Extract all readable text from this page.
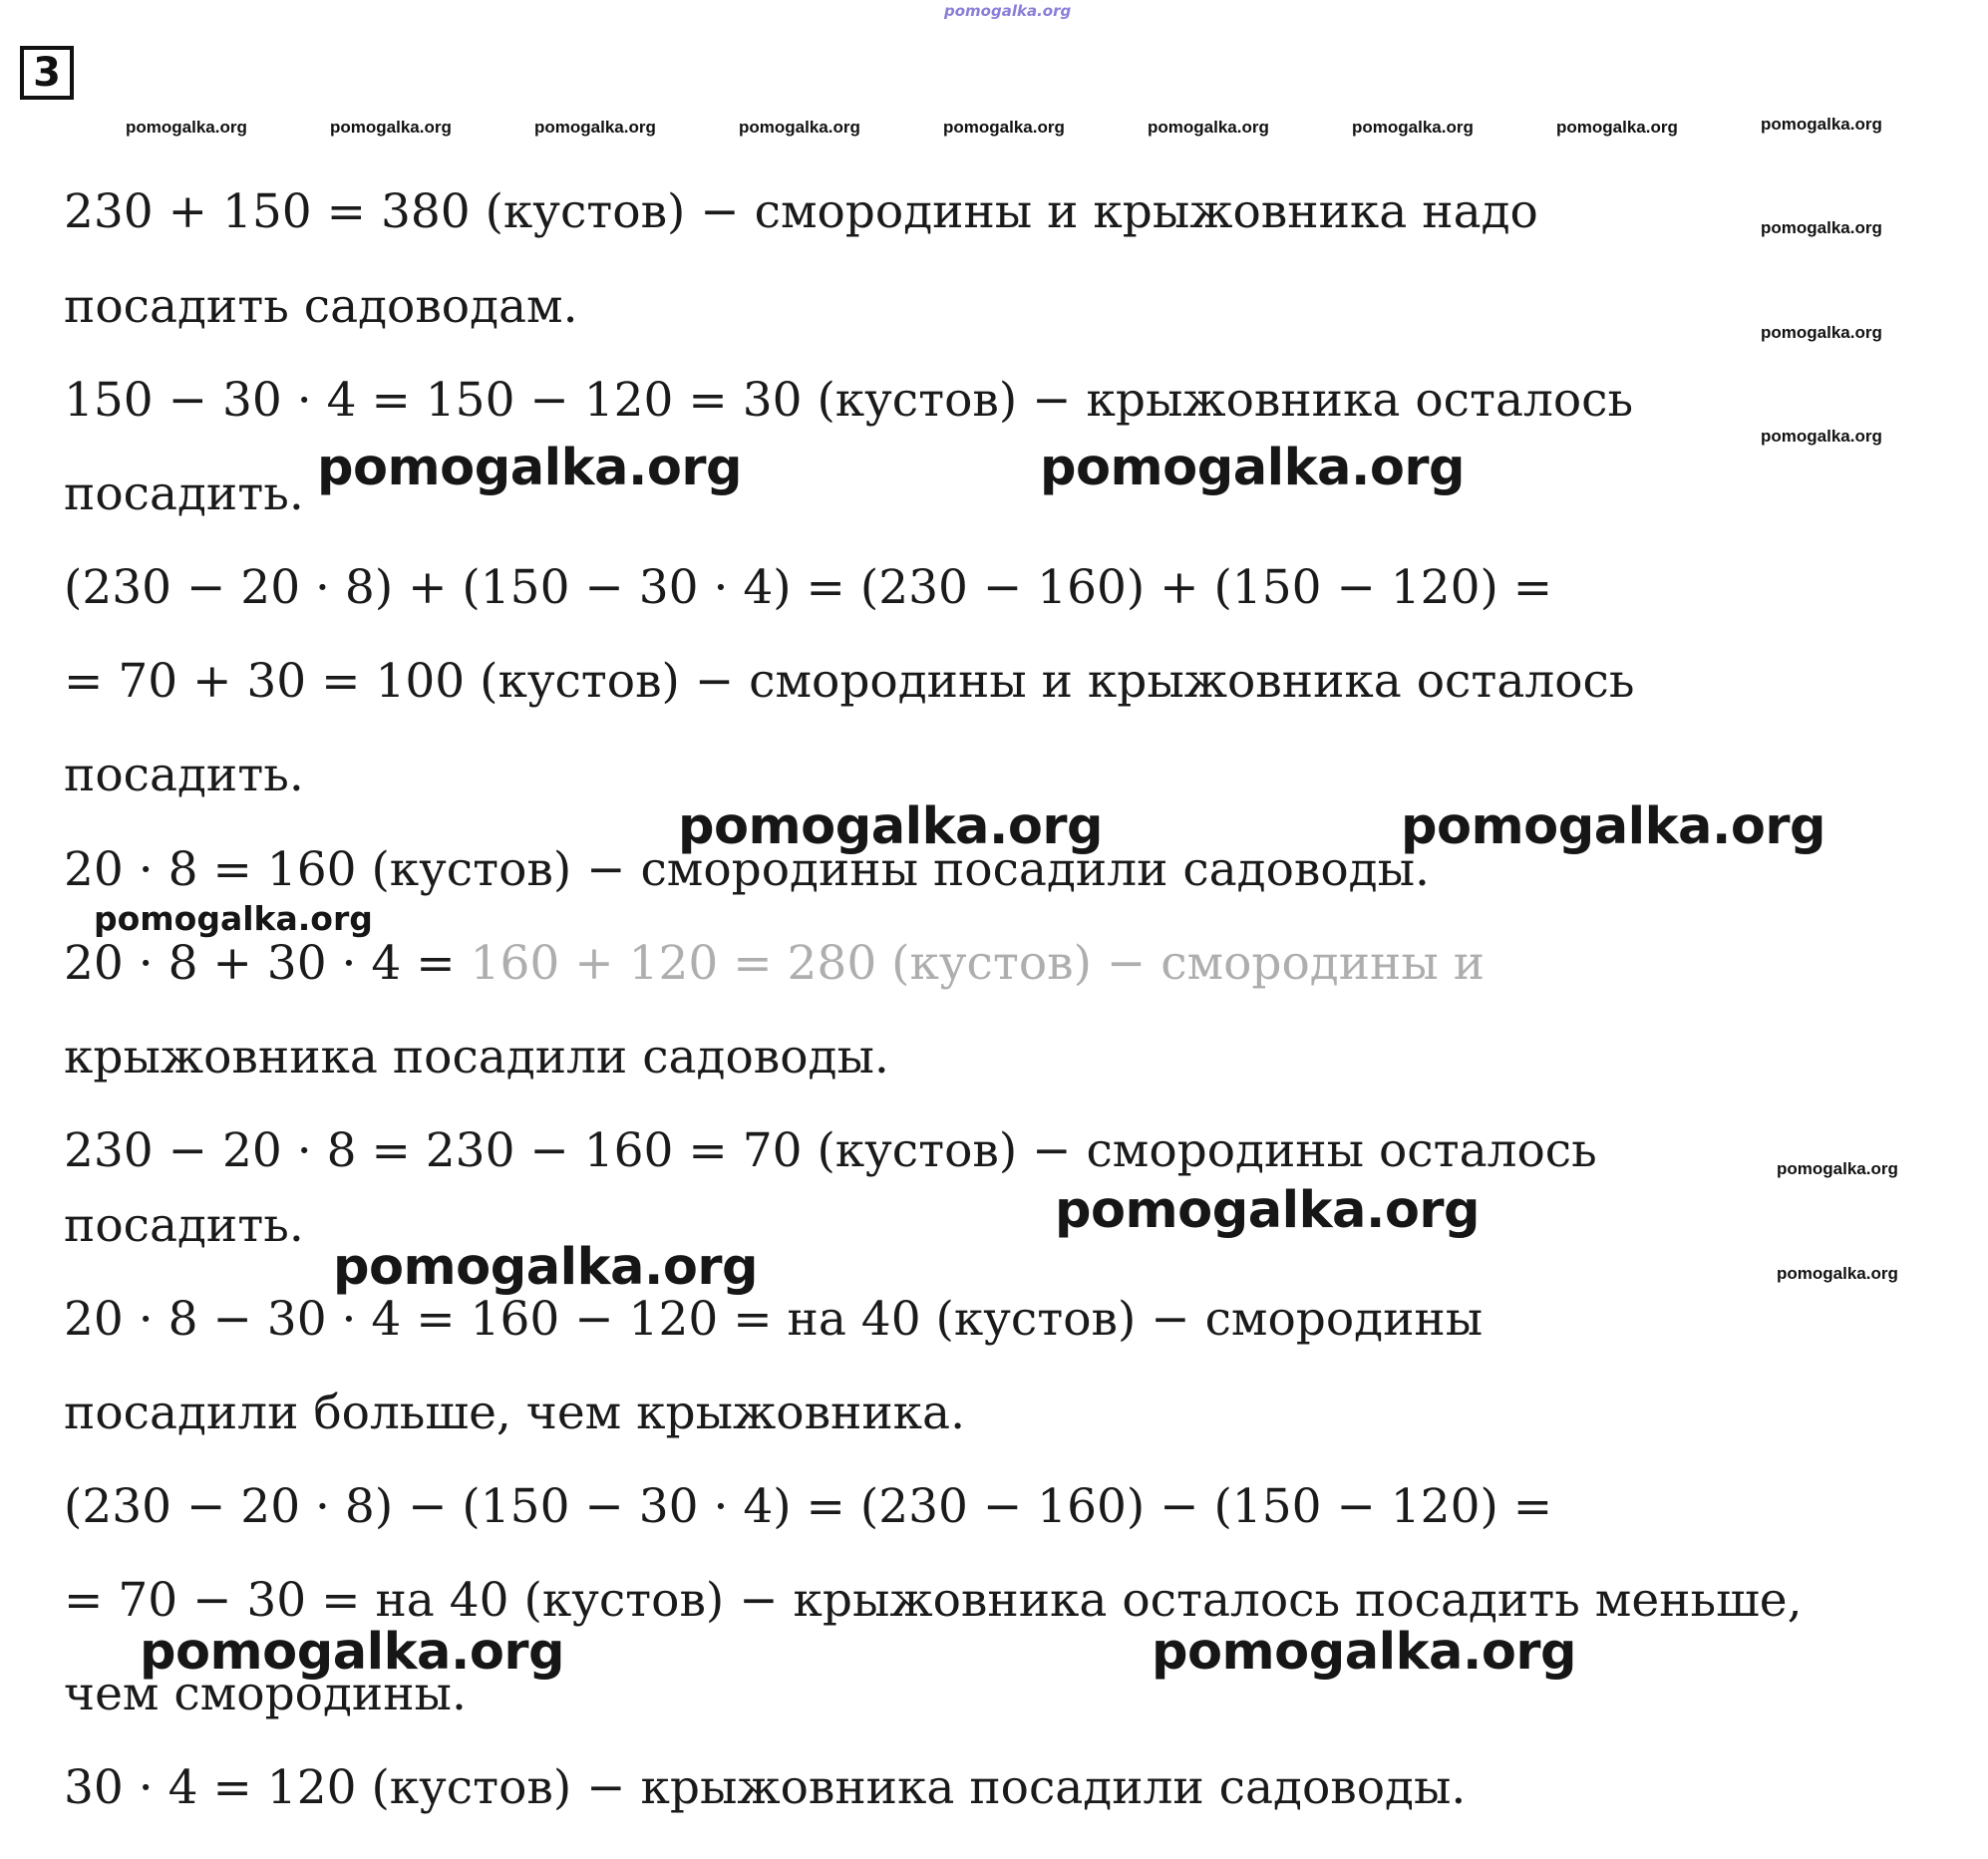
pomogalka.org
3
pomogalka.org	pomogalka.org	pomogalka.org	pomogalka.org	pomogalka.org	pomogalka.org	pomogalka.org	pomogalka.org	pomogalka.org
pomogalka.org
pomogalka.org
pomogalka.org
pomogalka.org
pomogalka.org
230 + 150 = 380 (кустов) − смородины и крыжовника надо
посадить садоводам.
150 − 30 · 4 = 150 − 120 = 30 (кустов) − крыжовника осталось
посадить.
(230 − 20 · 8) + (150 − 30 · 4) = (230 − 160) + (150 − 120) =
= 70 + 30 = 100 (кустов) − смородины и крыжовника осталось
посадить.
20 · 8 = 160 (кустов) − смородины посадили садоводы.
20 · 8 + 30 · 4 = 160 + 120 = 280 (кустов) − смородины и
крыжовника посадили садоводы.
230 − 20 · 8 = 230 − 160 = 70 (кустов) − смородины осталось
посадить.
20 · 8 − 30 · 4 = 160 − 120 = на 40 (кустов) − смородины
посадили больше, чем крыжовника.
(230 − 20 · 8) − (150 − 30 · 4) = (230 − 160) − (150 − 120) =
= 70 − 30 = на 40 (кустов) − крыжовника осталось посадить меньше,
чем смородины.
30 · 4 = 120 (кустов) − крыжовника посадили садоводы.
pomogalka.org	pomogalka.org
pomogalka.org	pomogalka.org
pomogalka.org
pomogalka.org
pomogalka.org
pomogalka.org	pomogalka.org
